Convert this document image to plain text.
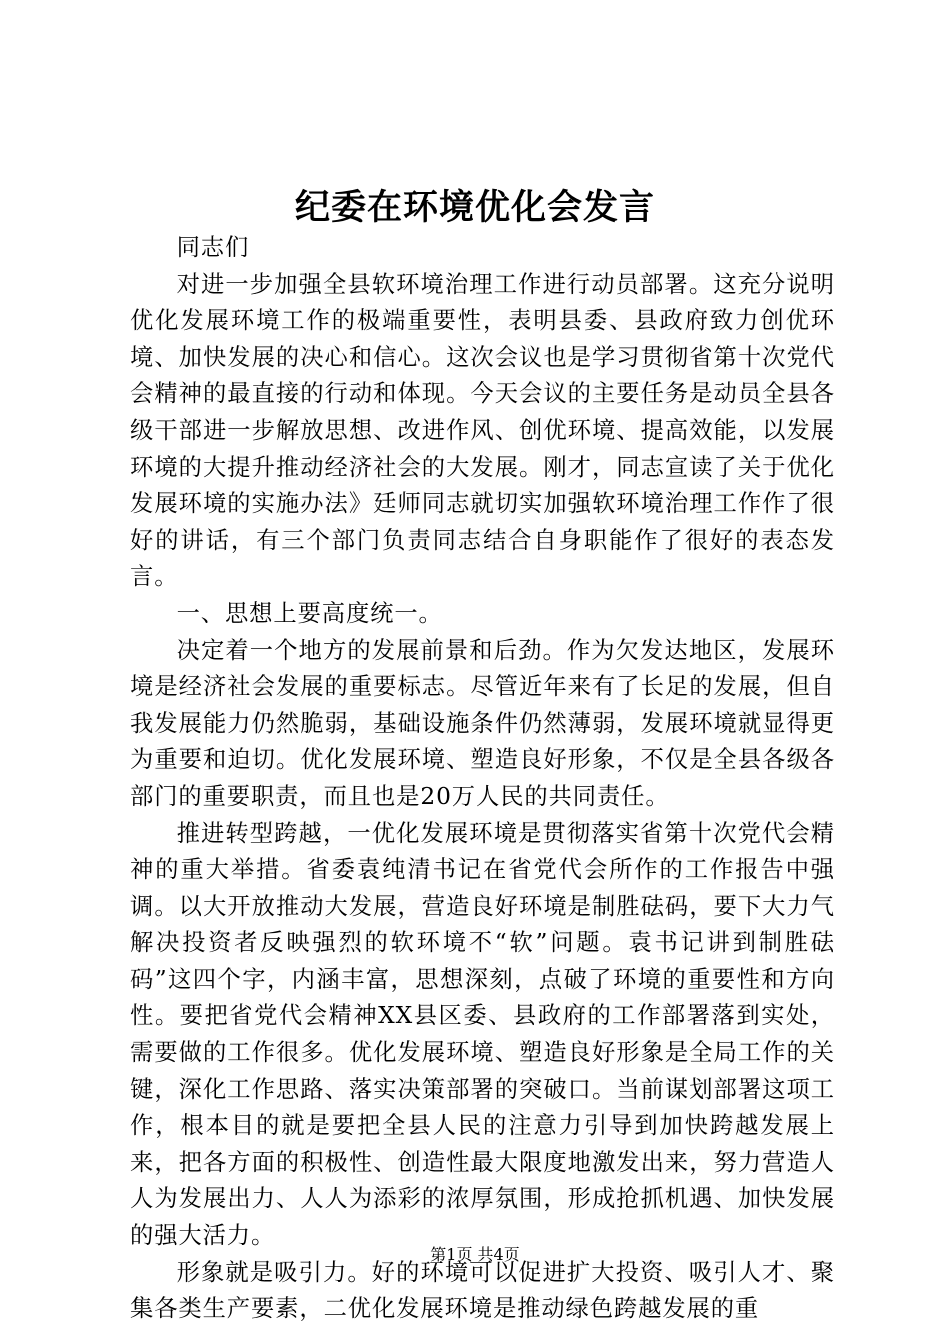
纪委在环境优化会发言

同志们

对进一步加强全县软环境治理工作进行动员部署。这充分说明优化发展环境工作的极端重要性，表明县委、县政府致力创优环境、加快发展的决心和信心。这次会议也是学习贯彻省第十次党代会精神的最直接的行动和体现。今天会议的主要任务是动员全县各级干部进一步解放思想、改进作风、创优环境、提高效能，以发展环境的大提升推动经济社会的大发展。刚才，同志宣读了关于优化发展环境的实施办法》廷师同志就切实加强软环境治理工作作了很好的讲话，有三个部门负责同志结合自身职能作了很好的表态发言。

一、思想上要高度统一。

决定着一个地方的发展前景和后劲。作为欠发达地区，发展环境是经济社会发展的重要标志。尽管近年来有了长足的发展，但自我发展能力仍然脆弱，基础设施条件仍然薄弱，发展环境就显得更为重要和迫切。优化发展环境、塑造良好形象，不仅是全县各级各部门的重要职责，而且也是20万人民的共同责任。

推进转型跨越，一优化发展环境是贯彻落实省第十次党代会精神的重大举措。省委袁纯清书记在省党代会所作的工作报告中强调。以大开放推动大发展，营造良好环境是制胜砝码，要下大力气解决投资者反映强烈的软环境不“软”问题。袁书记讲到制胜砝码”这四个字，内涵丰富，思想深刻，点破了环境的重要性和方向性。要把省党代会精神XX县区委、县政府的工作部署落到实处，需要做的工作很多。优化发展环境、塑造良好形象是全局工作的关键，深化工作思路、落实决策部署的突破口。当前谋划部署这项工作，根本目的就是要把全县人民的注意力引导到加快跨越发展上来，把各方面的积极性、创造性最大限度地激发出来，努力营造人人为发展出力、人人为添彩的浓厚氛围，形成抢抓机遇、加快发展的强大活力。

形象就是吸引力。好的环境可以促进扩大投资、吸引人才、聚集各类生产要素，二优化发展环境是推动绿色跨越发展的重

第1页 共4页
